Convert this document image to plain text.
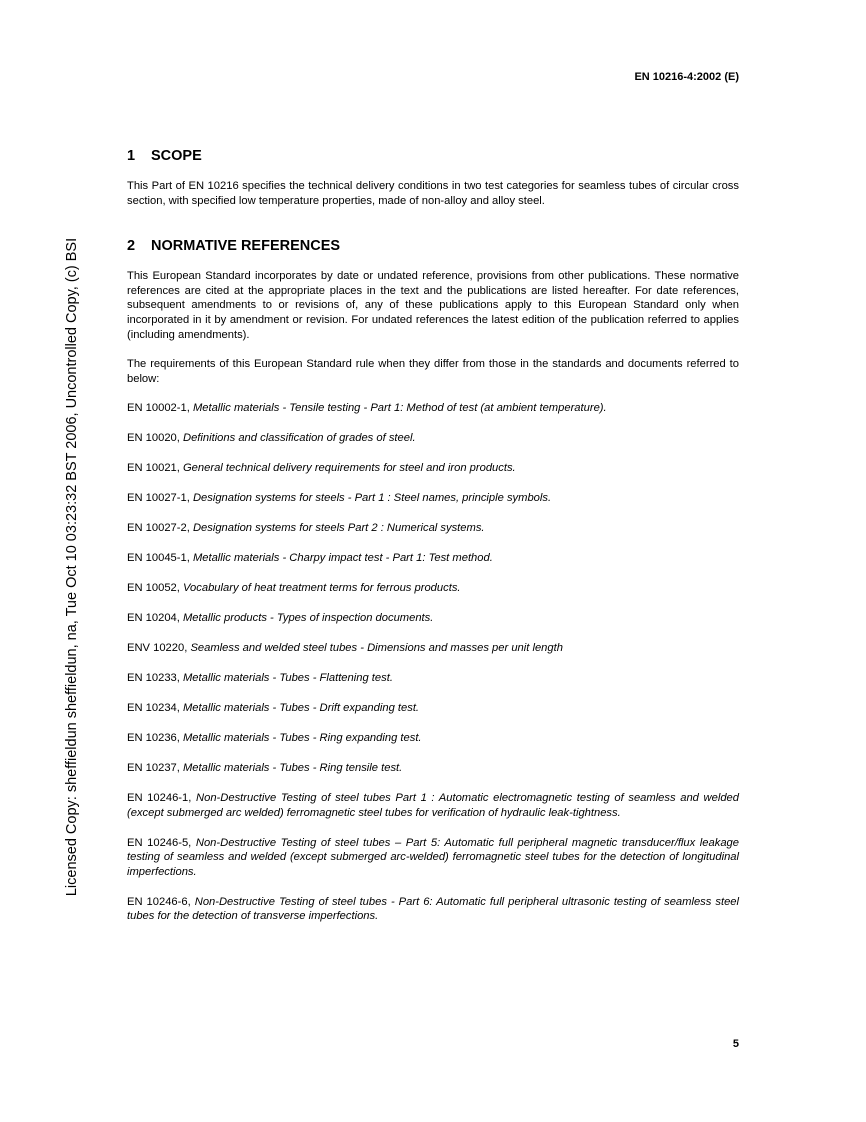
EN 10216-4:2002 (E)
Licensed Copy: sheffieldun sheffieldun, na, Tue Oct 10 03:23:32 BST 2006, Uncontrolled Copy, (c) BSI
1 SCOPE

This Part of EN 10216 specifies the technical delivery conditions in two test categories for seamless tubes of circular cross section, with specified low temperature properties, made of non-alloy and alloy steel.

2 NORMATIVE REFERENCES

This European Standard incorporates by date or undated reference, provisions from other publications. These normative references are cited at the appropriate places in the text and the publications are listed hereafter. For date references, subsequent amendments to or revisions of, any of these publications apply to this European Standard only when incorporated in it by amendment or revision. For undated references the latest edition of the publication referred to applies (including amendments).

The requirements of this European Standard rule when they differ from those in the standards and documents referred to below:

EN 10002-1, Metallic materials - Tensile testing - Part 1: Method of test (at ambient temperature).

EN 10020, Definitions and classification of grades of steel.

EN 10021, General technical delivery requirements for steel and iron products.

EN 10027-1, Designation systems for steels - Part 1 : Steel names, principle symbols.

EN 10027-2, Designation systems for steels Part 2 : Numerical systems.

EN 10045-1, Metallic materials - Charpy impact test - Part 1: Test method.

EN 10052, Vocabulary of heat treatment terms for ferrous products.

EN 10204, Metallic products - Types of inspection documents.

ENV 10220, Seamless and welded steel tubes - Dimensions and masses per unit length

EN 10233, Metallic materials - Tubes - Flattening test.

EN 10234, Metallic materials - Tubes - Drift expanding test.

EN 10236, Metallic materials - Tubes - Ring expanding test.

EN 10237, Metallic materials - Tubes - Ring tensile test.

EN 10246-1, Non-Destructive Testing of steel tubes Part 1 : Automatic electromagnetic testing of seamless and welded (except submerged arc welded) ferromagnetic steel tubes for verification of hydraulic leak-tightness.

EN 10246-5, Non-Destructive Testing of steel tubes – Part 5: Automatic full peripheral magnetic transducer/flux leakage testing of seamless and welded (except submerged arc-welded) ferromagnetic steel tubes for the detection of longitudinal imperfections.

EN 10246-6, Non-Destructive Testing of steel tubes - Part 6: Automatic full peripheral ultrasonic testing of seamless steel tubes for the detection of transverse imperfections.

5
